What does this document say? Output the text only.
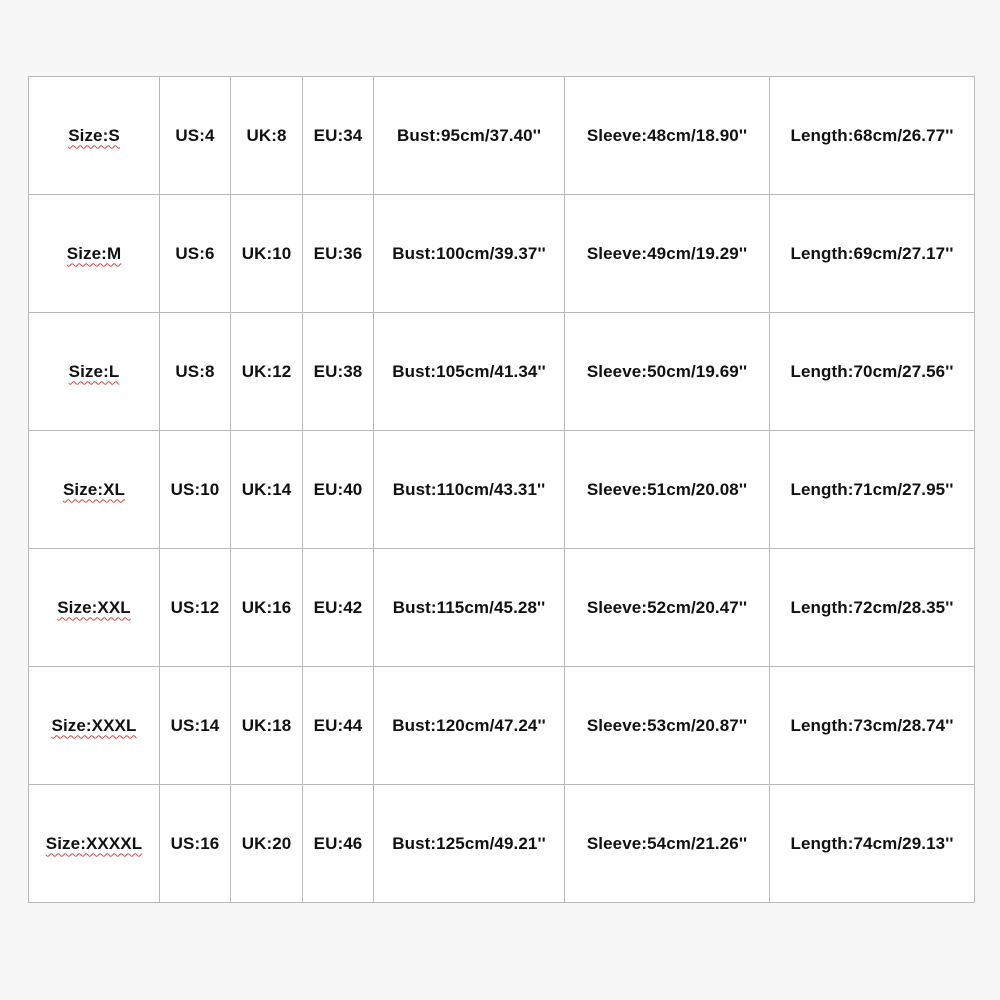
Size:S	US:4	UK:8	EU:34	Bust:95cm/37.40''	Sleeve:48cm/18.90''	Length:68cm/26.77''
Size:M	US:6	UK:10	EU:36	Bust:100cm/39.37''	Sleeve:49cm/19.29''	Length:69cm/27.17''
Size:L	US:8	UK:12	EU:38	Bust:105cm/41.34''	Sleeve:50cm/19.69''	Length:70cm/27.56''
Size:XL	US:10	UK:14	EU:40	Bust:110cm/43.31''	Sleeve:51cm/20.08''	Length:71cm/27.95''
Size:XXL	US:12	UK:16	EU:42	Bust:115cm/45.28''	Sleeve:52cm/20.47''	Length:72cm/28.35''
Size:XXXL	US:14	UK:18	EU:44	Bust:120cm/47.24''	Sleeve:53cm/20.87''	Length:73cm/28.74''
Size:XXXXL	US:16	UK:20	EU:46	Bust:125cm/49.21''	Sleeve:54cm/21.26''	Length:74cm/29.13''
